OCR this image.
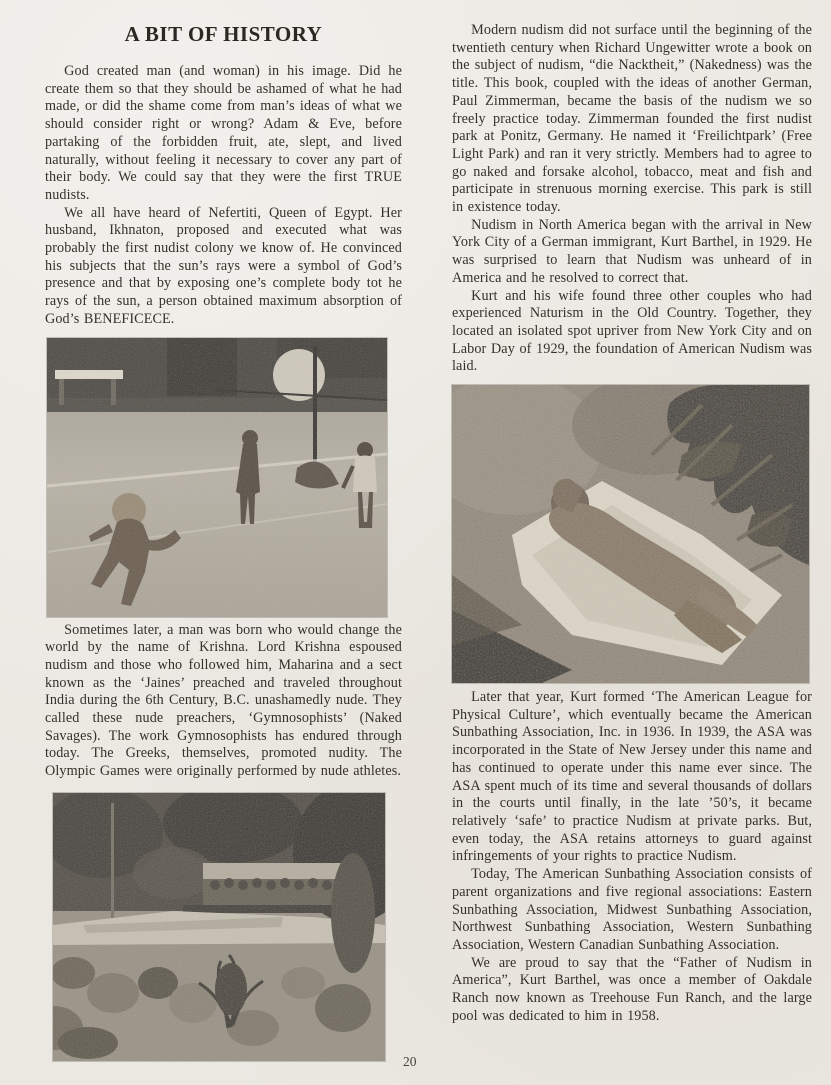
A BIT OF HISTORY

God created man (and woman) in his image. Did he create them so that they should be ashamed of what he had made, or did the shame come from man’s ideas of what we should consider right or wrong? Adam & Eve, before partaking of the forbidden fruit, ate, slept, and lived naturally, without feeling it necessary to cover any part of their body. We could say that they were the first TRUE nudists.

We all have heard of Nefertiti, Queen of Egypt. Her husband, Ikhnaton, proposed and executed what was probably the first nudist colony we know of. He convinced his subjects that the sun’s rays were a symbol of God’s presence and that by exposing one’s complete body tot he rays of the sun, a person obtained maximum absorption of God’s BENEFICECE.

Sometimes later, a man was born who would change the world by the name of Krishna. Lord Krishna espoused nudism and those who followed him, Maharina and a sect known as the ‘Jaines’ preached and traveled throughout India during the 6th Century, B.C. unashamedly nude. They called these nude preachers, ‘Gymnosophists’ (Naked Savages). The work Gymnosophists has endured through today. The Greeks, themselves, promoted nudity. The Olympic Games were originally performed by nude athletes.

Modern nudism did not surface until the beginning of the twentieth century when Richard Ungewitter wrote a book on the subject of nudism, “die Nacktheit,” (Nakedness) was the title. This book, coupled with the ideas of another German, Paul Zimmerman, became the basis of the nudism we so freely practice today. Zimmerman founded the first nudist park at Ponitz, Germany. He named it ‘Freilichtpark’ (Free Light Park) and ran it very strictly. Members had to agree to go naked and forsake alcohol, tobacco, meat and fish and participate in strenuous morning exercise. This park is still in existence today.

Nudism in North America began with the arrival in New York City of a German immigrant, Kurt Barthel, in 1929. He was surprised to learn that Nudism was unheard of in America and he resolved to correct that.

Kurt and his wife found three other couples who had experienced Naturism in the Old Country. Together, they located an isolated spot upriver from New York City and on Labor Day of 1929, the foundation of American Nudism was laid.

Later that year, Kurt formed ‘The American League for Physical Culture’, which eventually became the American Sunbathing Association, Inc. in 1936. In 1939, the ASA was incorporated in the State of New Jersey under this name and has continued to operate under this name ever since. The ASA spent much of its time and several thousands of dollars in the courts until finally, in the late ’50’s, it became relatively ‘safe’ to practice Nudism at private parks. But, even today, the ASA retains attorneys to guard against infringements of your rights to practice Nudism.

Today, The American Sunbathing Association consists of parent organizations and five regional associations: Eastern Sunbathing Association, Midwest Sunbathing Association, Northwest Sunbathing Association, Western Sunbathing Association, Western Canadian Sunbathing Association.

We are proud to say that the “Father of Nudism in America”, Kurt Barthel, was once a member of Oakdale Ranch now known as Treehouse Fun Ranch, and the large pool was dedicated to him in 1958.

20
